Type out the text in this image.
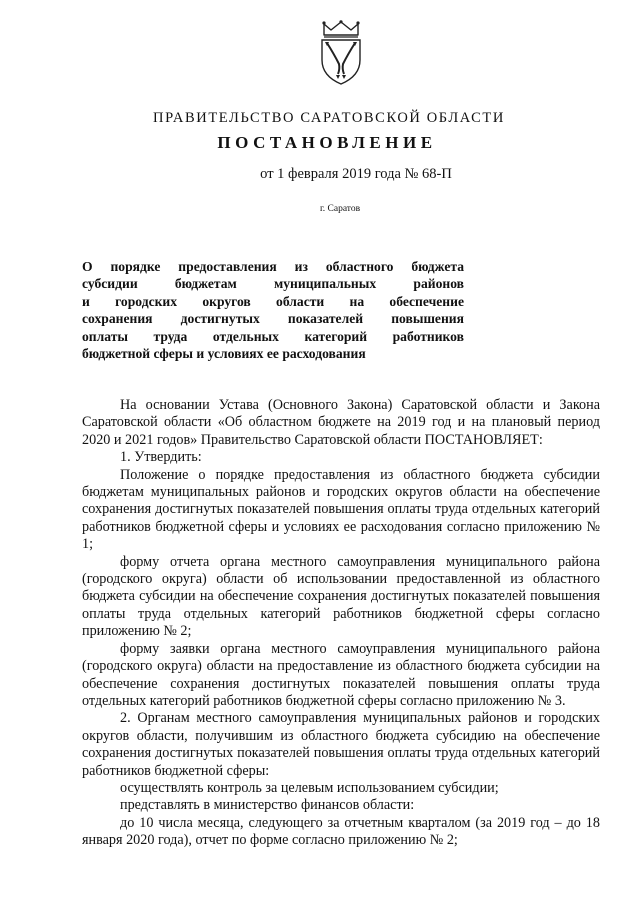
ПРАВИТЕЛЬСТВО САРАТОВСКОЙ ОБЛАСТИ
ПОСТАНОВЛЕНИЕ
от 1 февраля 2019 года № 68-П
г. Саратов
О порядке предоставления из областного бюджета
субсидии бюджетам муниципальных районов
и городских округов области на обеспечение
сохранения достигнутых показателей повышения
оплаты труда отдельных категорий работников
бюджетной сферы и условиях ее расходования

На основании Устава (Основного Закона) Саратовской области и Закона Саратовской области «Об областном бюджете на 2019 год и на плановый период 2020 и 2021 годов» Правительство Саратовской области ПОСТАНОВЛЯЕТ:

1. Утвердить:

Положение о порядке предоставления из областного бюджета субсидии бюджетам муниципальных районов и городских округов области на обеспечение сохранения достигнутых показателей повышения оплаты труда отдельных категорий работников бюджетной сферы и условиях ее расходования согласно приложению № 1;

форму отчета органа местного самоуправления муниципального района (городского округа) области об использовании предоставленной из областного бюджета субсидии на обеспечение сохранения достигнутых показателей повышения оплаты труда отдельных категорий работников бюджетной сферы согласно приложению № 2;

форму заявки органа местного самоуправления муниципального района (городского округа) области на предоставление из областного бюджета субсидии на обеспечение сохранения достигнутых показателей повышения оплаты труда отдельных категорий работников бюджетной сферы согласно приложению № 3.

2. Органам местного самоуправления муниципальных районов и городских округов области, получившим из областного бюджета субсидию на обеспечение сохранения достигнутых показателей повышения оплаты труда отдельных категорий работников бюджетной сферы:

осуществлять контроль за целевым использованием субсидии;

представлять в министерство финансов области:

до 10 числа месяца, следующего за отчетным кварталом (за 2019 год – до 18 января 2020 года), отчет по форме согласно приложению № 2;
